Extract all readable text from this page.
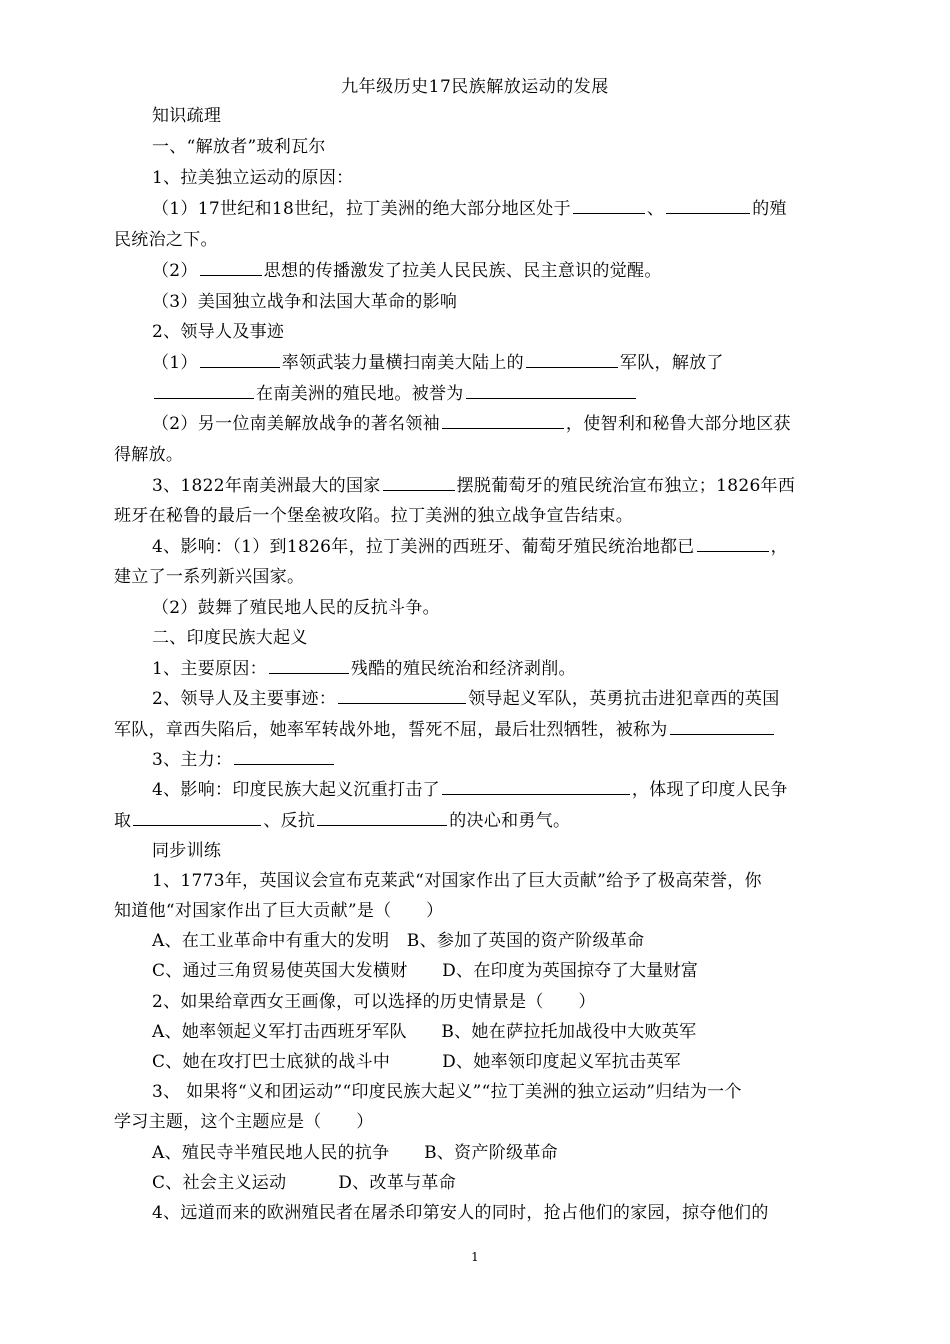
九年级历史17民族解放运动的发展
知识疏理
一、“解放者”玻利瓦尔
1、拉美独立运动的原因：
（1）17世纪和18世纪，拉丁美洲的绝大部分地区处于	、	的殖
民统治之下。
（2）	思想的传播激发了拉美人民民族、民主意识的觉醒。
（3）美国独立战争和法国大革命的影响
2、领导人及事迹
（1）	率领武装力量横扫南美大陆上的	军队，解放了
在南美洲的殖民地。被誉为
（2）另一位南美解放战争的著名领袖	，使智利和秘鲁大部分地区获
得解放。
3、1822年南美洲最大的国家	摆脱葡萄牙的殖民统治宣布独立；1826年西
班牙在秘鲁的最后一个堡垒被攻陷。拉丁美洲的独立战争宣告结束。
4、影响：（1）到1826年，拉丁美洲的西班牙、葡萄牙殖民统治地都已	，
建立了一系列新兴国家。
（2）鼓舞了殖民地人民的反抗斗争。
二、印度民族大起义
1、主要原因：	残酷的殖民统治和经济剥削。
2、领导人及主要事迹：	领导起义军队，英勇抗击进犯章西的英国
军队，章西失陷后，她率军转战外地，誓死不屈，最后壮烈牺牲，被称为
3、主力：
4、影响：印度民族大起义沉重打击了	，体现了印度人民争
取	、反抗	的决心和勇气。
同步训练
1、1773年，英国议会宣布克莱武“对国家作出了巨大贡献”给予了极高荣誉，你
知道他“对国家作出了巨大贡献”是（　　）
A、在工业革命中有重大的发明　B、参加了英国的资产阶级革命
C、通过三角贸易使英国大发横财　　D、在印度为英国掠夺了大量财富
2、如果给章西女王画像，可以选择的历史情景是（　　）
A、她率领起义军打击西班牙军队　　B、她在萨拉托加战役中大败英军
C、她在攻打巴士底狱的战斗中　　　D、她率领印度起义军抗击英军
3、 如果将“义和团运动”“印度民族大起义”“拉丁美洲的独立运动”归结为一个
学习主题，这个主题应是（　　）
A、殖民寺半殖民地人民的抗争　　B、资产阶级革命
C、社会主义运动　　　D、改革与革命
4、远道而来的欧洲殖民者在屠杀印第安人的同时，抢占他们的家园，掠夺他们的
1
